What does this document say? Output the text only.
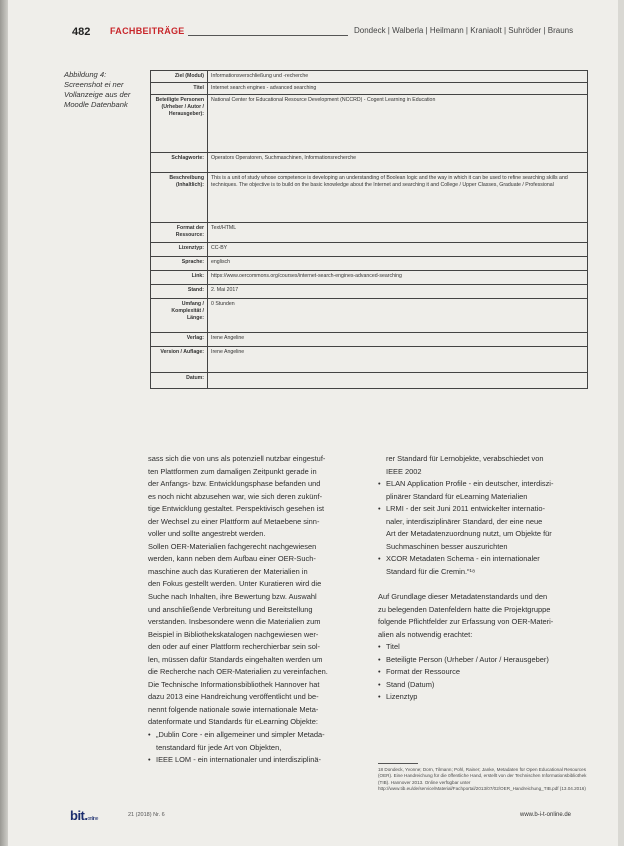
482 FACHBEITRÄGE	Dondeck | Walberla | Heilmann | Kraniaolt | Suhröder | Brauns
Abbildung 4: Screenshot ei ner Vollanzeige aus der Moodle Datenbank
Ziel (Modul)	Informationsverschließung und -recherche
Titel	Internet search engines - advanced searching
Beteiligte Personen (Urheber / Autor / Herausgeber):	National Center for Educational Resource Development (NCCRD) - Cogent Learning in Education
Schlagworte:	Operators Operatoren, Suchmaschinen, Informationsrecherche
Beschreibung (Inhaltlich):	This is a unit of study whose competence is developing an understanding of Boolean logic and the way in which it can be used to refine searching skills and techniques. The objective is to build on the basic knowledge about the Internet and searching it and College / Upper Classes, Graduate / Professional
Format der Ressource:	Text/HTML
Lizenztyp:	CC-BY
Sprache:	englisch
Link:	https://www.oercommons.org/courses/internet-search-engines-advanced-searching
Stand:	2. Mai 2017
Umfang / Komplexität / Länge:	0 Stunden
Verlag:	Irene Angeline
Version / Auflage:	Irene Angeline
Datum:	
sass sich die von uns als potenziell nutzbar eingestuf-
ten Plattformen zum damaligen Zeitpunkt gerade in
der Anfangs- bzw. Entwicklungsphase befanden und
es noch nicht abzusehen war, wie sich deren zukünf-
tige Entwicklung gestaltet. Perspektivisch gesehen ist
der Wechsel zu einer Plattform auf Metaebene sinn-
voller und sollte angestrebt werden.
Sollen OER-Materialien fachgerecht nachgewiesen
werden, kann neben dem Aufbau einer OER-Such-
maschine auch das Kuratieren der Materialien in
den Fokus gestellt werden. Unter Kuratieren wird die
Suche nach Inhalten, ihre Bewertung bzw. Auswahl
und anschließende Verbreitung und Bereitstellung
verstanden. Insbesondere wenn die Materialien zum
Beispiel in Bibliothekskatalogen nachgewiesen wer-
den oder auf einer Plattform recherchierbar sein sol-
len, müssen dafür Standards eingehalten werden um
die Recherche nach OER-Materialien zu vereinfachen.
Die Technische Informationsbibliothek Hannover hat
dazu 2013 eine Handreichung veröffentlicht und be-
nennt folgende nationale sowie internationale Meta-
datenformate und Standards für eLearning Objekte:
• „Dublin Core - ein allgemeiner und simpler Metada-
tenstandard für jede Art von Objekten,
• IEEE LOM - ein internationaler und interdisziplinä-
rer Standard für Lernobjekte, verabschiedet von
IEEE 2002
• ELAN Application Profile - ein deutscher, interdiszi-
plinärer Standard für eLearning Materialien
• LRMI - der seit Juni 2011 entwickelter internatio-
naler, interdisziplinärer Standard, der eine neue
Art der Metadatenzuordnung nutzt, um Objekte für
Suchmaschinen besser auszurichten
• XCOR Metadaten Schema - ein internationaler
Standard für die Cremin.“¹⁸
Auf Grundlage dieser Metadatenstandards und den
zu belegenden Datenfeldern hatte die Projektgruppe
folgende Pflichtfelder zur Erfassung von OER-Materi-
alien als notwendig erachtet:
• Titel
• Beteiligte Person (Urheber / Autor / Herausgeber)
• Format der Ressource
• Stand (Datum)
• Lizenztyp
18 Dondeck, Yvonne; Dorn, Tilmann; Pohl, Rainer; Janke, Metadaten für Open Educational Resources (OER). Eine Handreichung für die öffentliche Hand, erstellt von der Technischen Informationsbibliothek (TIB). Hannover 2013. Online verfügbar unter http://www.tib.eu/de/service/Material/Fachportal/2013/07/02/OER_Handreichung_TIB.pdf (13.04.2016)
bit.online
21 (2018) Nr. 6	www.b-i-t-online.de
